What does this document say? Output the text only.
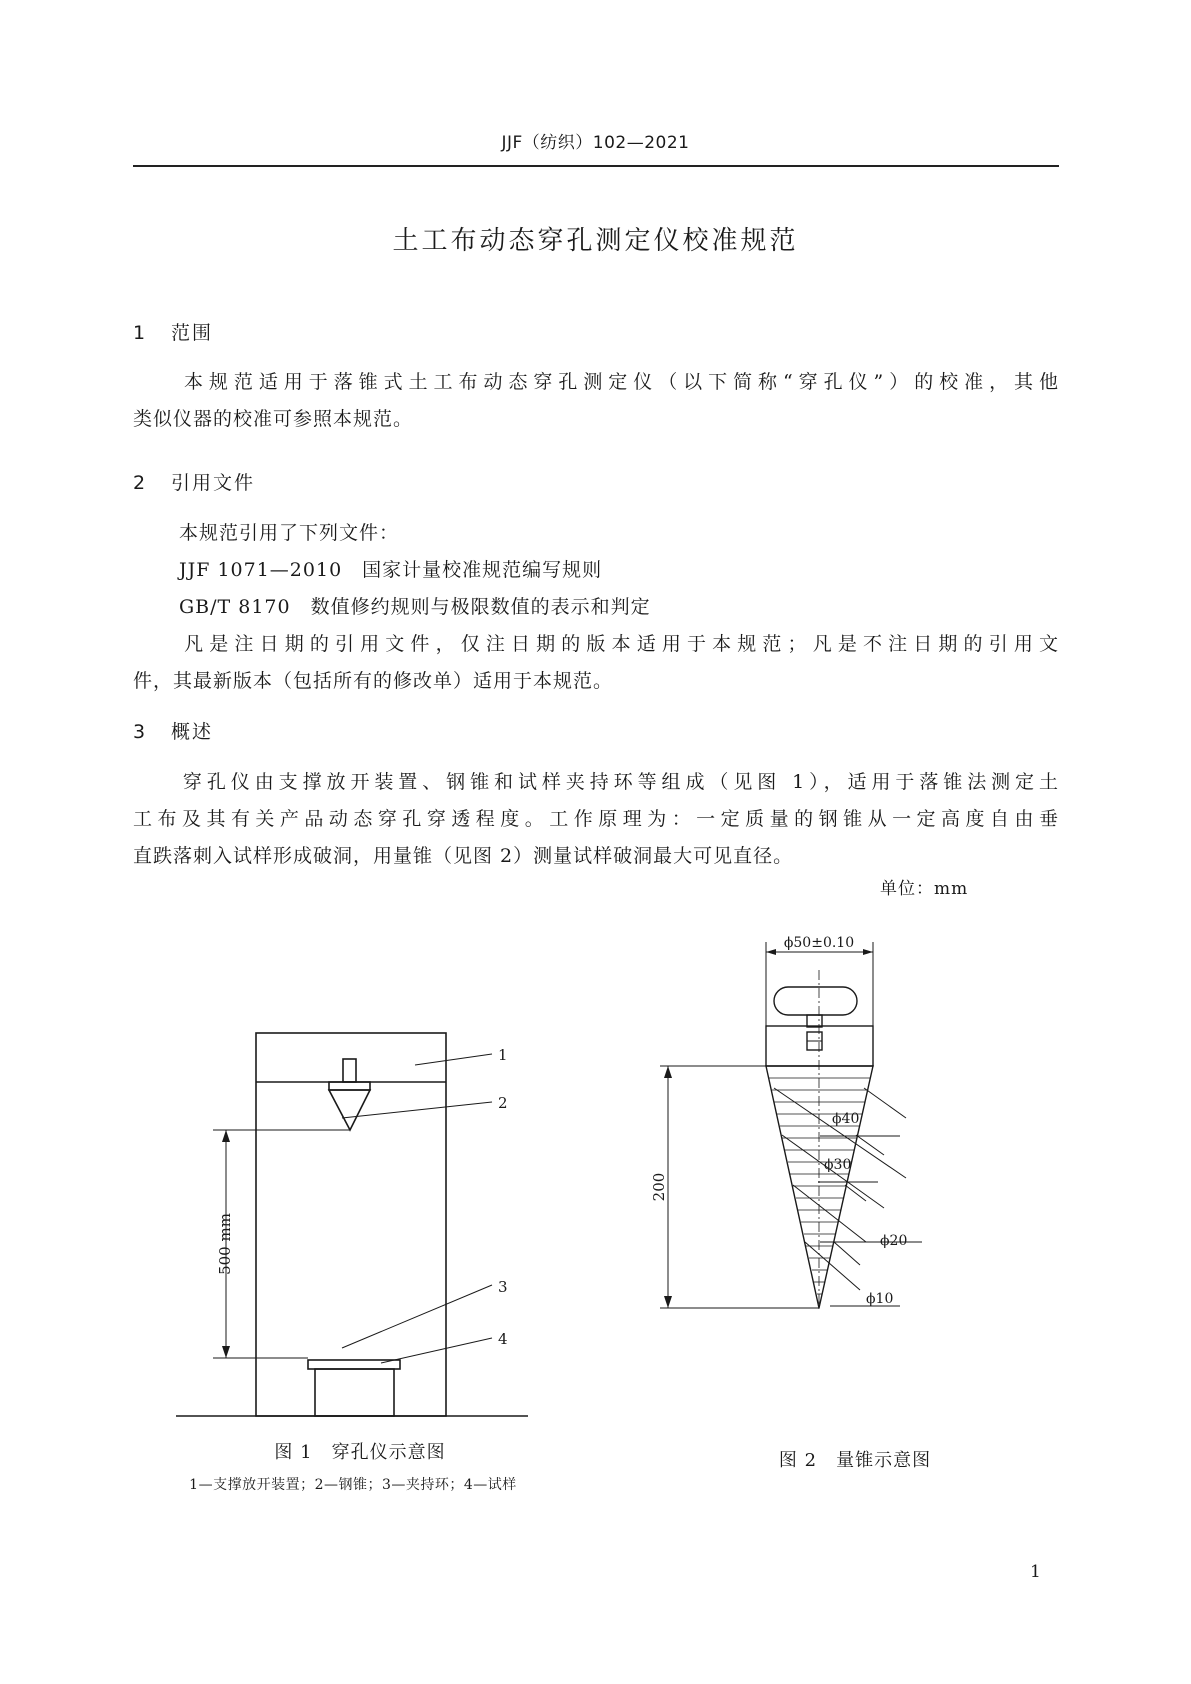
JJF（纺织）102—2021
土工布动态穿孔测定仪校准规范
1 范围
本规范适用于落锥式土工布动态穿孔测定仪（以下简称“穿孔仪”）的校准，其他
类似仪器的校准可参照本规范。
2 引用文件
本规范引用了下列文件：
JJF 1071—2010　国家计量校准规范编写规则
GB/T 8170　数值修约规则与极限数值的表示和判定
凡是注日期的引用文件，仅注日期的版本适用于本规范；凡是不注日期的引用文
件，其最新版本（包括所有的修改单）适用于本规范。
3 概述
穿孔仪由支撑放开装置、钢锥和试样夹持环等组成（见图 1），适用于落锥法测定土
工布及其有关产品动态穿孔穿透程度。工作原理为：一定质量的钢锥从一定高度自由垂
直跌落刺入试样形成破洞，用量锥（见图 2）测量试样破洞最大可见直径。
单位：mm
500 mm
1
2
3
4
图 1　穿孔仪示意图
1—支撑放开装置；2—钢锥；3—夹持环；4—试样
ϕ50±0.10
200
ϕ40
ϕ30
ϕ20
ϕ10
图 2　量锥示意图
1
